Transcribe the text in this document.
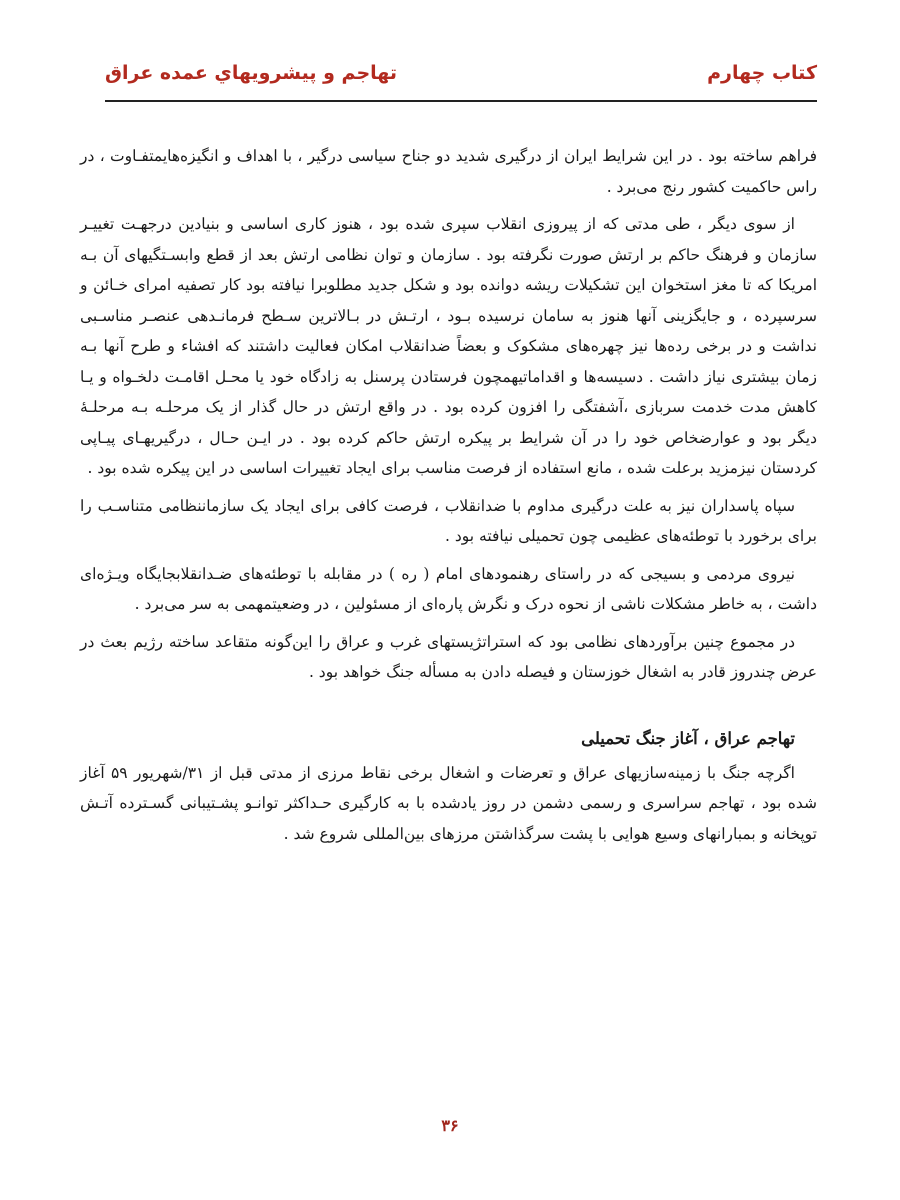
کتاب چهارم
تهاجم و پیشرویهاي عمده عراق

فراهم ساخته بود . در این شرایط ایران از درگیری شدید دو جناح سیاسی درگیر ، با اهداف و انگیزه‌هایمتفـاوت ، در راس حاکمیت کشور رنج می‌برد .

از سوی دیگر ، طی مدتی که از پیروزی انقلاب سپری شده بود ، هنوز کاری اساسی و بنیادین درجهـت تغییـر سازمان و فرهنگ حاکم بر ارتش صورت نگرفته بود . سازمان و توان نظامی ارتش بعد از قطع وابسـتگیهای آن بـه امریکا که تا مغز استخوان این تشکیلات ریشه دوانده بود و شکل جدید مطلوبرا نیافته بود کار تصفیه امرای خـائن و سرسپرده ، و جایگزینی آنها هنوز به سامان نرسیده بـود ، ارتـش در بـالاترین سـطح فرمانـدهی عنصـر مناسـبی نداشت و در برخی رده‌ها نیز چهره‌های مشکوک و بعضاً ضدانقلاب امکان فعالیت داشتند که افشاء و طرح آنها بـه زمان بیشتری نیاز داشت . دسیسه‌ها و اقداماتیهمچون فرستادن پرسنل به زادگاه خود یا محـل اقامـت دلخـواه و یـا کاهش مدت خدمت سربازی ،آشفتگی را افزون کرده بود . در واقع ارتش در حال گذار از یک مرحلـه بـه مرحلـۀ دیگر بود و عوارضخاص خود را در آن شرایط بر پیکره ارتش حاکم کرده بود . در ایـن حـال ، درگیریهـای پیـاپی کردستان نیزمزید برعلت شده ، مانع استفاده از فرصت مناسب برای ایجاد تغییرات اساسی در این پیکره شده بود .

سپاه پاسداران نیز به علت درگیری مداوم با ضدانقلاب ، فرصت کافی برای ایجاد یک سازماننظامی متناسـب را برای برخورد با توطئه‌های عظیمی چون تحمیلی نیافته بود .

نیروی مردمی و بسیجی که در راستای رهنمودهای امام ( ره ) در مقابله با توطئه‌های ضـدانقلابجایگاه ویـژه‌ای داشت ، به خاطر مشکلات ناشی از نحوه درک و نگرش پاره‌ای از مسئولین ، در وضعیتمهمی به سر می‌برد .

در مجموع چنین برآوردهای نظامی بود که استراتژیستهای غرب و عراق را این‌گونه متقاعد ساخته رژیم بعث در عرض چندروز قادر به اشغال خوزستان و فیصله دادن به مسأله جنگ خواهد بود .

تهاجم عراق ، آغاز جنگ تحمیلی

اگرچه جنگ با زمینه‌سازیهای عراق و تعرضات و اشغال برخی نقاط مرزی از مدتی قبل از ۳۱/شهریور ۵۹ آغاز شده بود ، تهاجم سراسری و رسمی دشمن در روز یادشده با به کارگیری حـداکثر توانـو پشـتیبانی گسـترده آتـش توپخانه و بمبارانهای وسیع هوایی با پشت سرگذاشتن مرزهای بین‌المللی شروع شد .

۳۶
